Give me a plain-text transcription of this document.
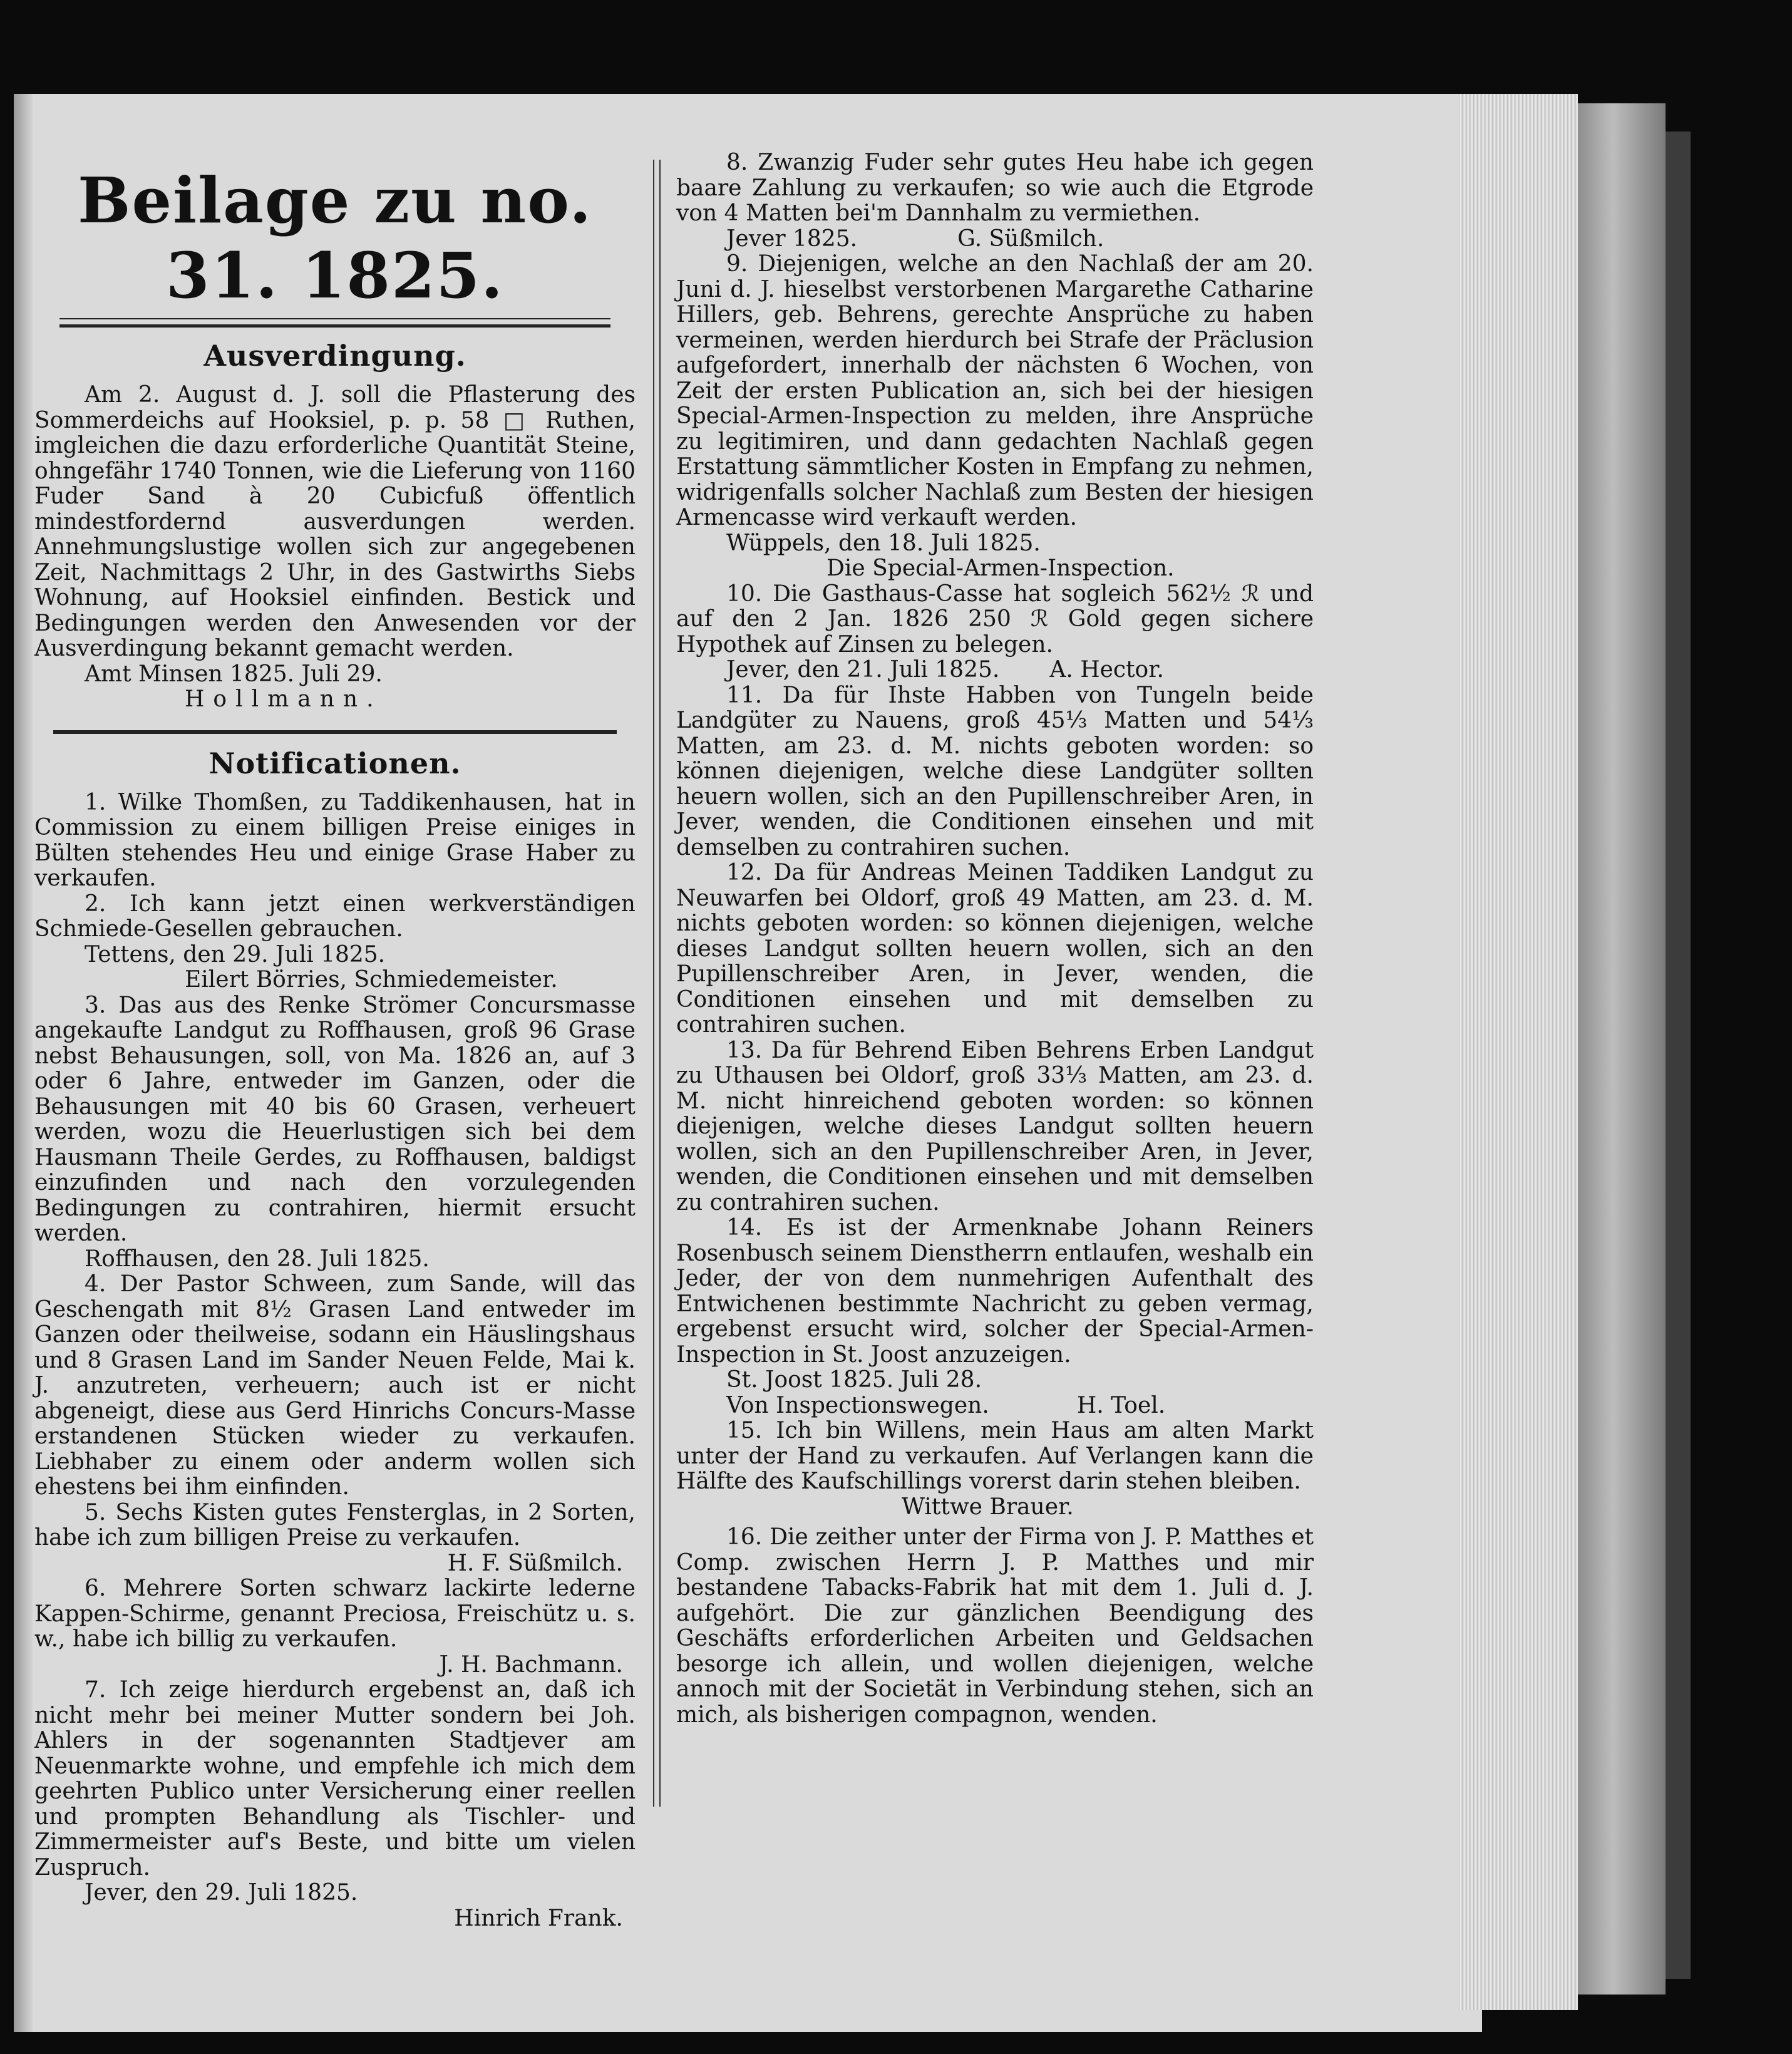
Beilage zu no. 31. 1825.
Ausverdingung.

Am 2. August d. J. soll die Pflasterung des Sommerdeichs auf Hooksiel, p. p. 58 □ Ruthen, imgleichen die dazu erforderliche Quantität Steine, ohngefähr 1740 Tonnen, wie die Lieferung von 1160 Fuder Sand à 20 Cubicfuß öffentlich mindestfordernd ausverdungen werden. Annehmungslustige wollen sich zur angegebenen Zeit, Nachmittags 2 Uhr, in des Gastwirths Siebs Wohnung, auf Hooksiel einfinden. Bestick und Bedingungen werden den Anwesenden vor der Ausverdingung bekannt gemacht werden.

Amt Minsen 1825. Juli 29.

Hollmann.

Notificationen.

1. Wilke Thomßen, zu Taddikenhausen, hat in Commission zu einem billigen Preise einiges in Bülten stehendes Heu und einige Grase Haber zu verkaufen.

2. Ich kann jetzt einen werkverständigen Schmiede-Gesellen gebrauchen.

Tettens, den 29. Juli 1825.

Eilert Börries, Schmiedemeister.

3. Das aus des Renke Strömer Concursmasse angekaufte Landgut zu Roffhausen, groß 96 Grase nebst Behausungen, soll, von Ma. 1826 an, auf 3 oder 6 Jahre, entweder im Ganzen, oder die Behausungen mit 40 bis 60 Grasen, verheuert werden, wozu die Heuerlustigen sich bei dem Hausmann Theile Gerdes, zu Roffhausen, baldigst einzufinden und nach den vorzulegenden Bedingungen zu contrahiren, hiermit ersucht werden.

Roffhausen, den 28. Juli 1825.

4. Der Pastor Schween, zum Sande, will das Geschengath mit 8½ Grasen Land entweder im Ganzen oder theilweise, sodann ein Häuslingshaus und 8 Grasen Land im Sander Neuen Felde, Mai k. J. anzutreten, verheuern; auch ist er nicht abgeneigt, diese aus Gerd Hinrichs Concurs-Masse erstandenen Stücken wieder zu verkaufen. Liebhaber zu einem oder anderm wollen sich ehestens bei ihm einfinden.

5. Sechs Kisten gutes Fensterglas, in 2 Sorten, habe ich zum billigen Preise zu verkaufen.

H. F. Süßmilch.

6. Mehrere Sorten schwarz lackirte lederne Kappen-Schirme, genannt Preciosa, Freischütz u. s. w., habe ich billig zu verkaufen.

J. H. Bachmann.

7. Ich zeige hierdurch ergebenst an, daß ich nicht mehr bei meiner Mutter sondern bei Joh. Ahlers in der sogenannten Stadtjever am Neuenmarkte wohne, und empfehle ich mich dem geehrten Publico unter Versicherung einer reellen und prompten Behandlung als Tischler- und Zimmermeister auf's Beste, und bitte um vielen Zuspruch.

Jever, den 29. Juli 1825.

Hinrich Frank.

8. Zwanzig Fuder sehr gutes Heu habe ich gegen baare Zahlung zu verkaufen; so wie auch die Etgrode von 4 Matten bei'm Dannhalm zu vermiethen.

Jever 1825.	G. Süßmilch.

9. Diejenigen, welche an den Nachlaß der am 20. Juni d. J. hieselbst verstorbenen Margarethe Catharine Hillers, geb. Behrens, gerechte Ansprüche zu haben vermeinen, werden hierdurch bei Strafe der Präclusion aufgefordert, innerhalb der nächsten 6 Wochen, von Zeit der ersten Publication an, sich bei der hiesigen Special-Armen-Inspection zu melden, ihre Ansprüche zu legitimiren, und dann gedachten Nachlaß gegen Erstattung sämmtlicher Kosten in Empfang zu nehmen, widrigenfalls solcher Nachlaß zum Besten der hiesigen Armencasse wird verkauft werden.

Wüppels, den 18. Juli 1825.

Die Special-Armen-Inspection.

10. Die Gasthaus-Casse hat sogleich 562½ ℛ und auf den 2 Jan. 1826 250 ℛ Gold gegen sichere Hypothek auf Zinsen zu belegen.

Jever, den 21. Juli 1825. A. Hector.

11. Da für Ihste Habben von Tungeln beide Landgüter zu Nauens, groß 45⅓ Matten und 54⅓ Matten, am 23. d. M. nichts geboten worden: so können diejenigen, welche diese Landgüter sollten heuern wollen, sich an den Pupillenschreiber Aren, in Jever, wenden, die Conditionen einsehen und mit demselben zu contrahiren suchen.

12. Da für Andreas Meinen Taddiken Landgut zu Neuwarfen bei Oldorf, groß 49 Matten, am 23. d. M. nichts geboten worden: so können diejenigen, welche dieses Landgut sollten heuern wollen, sich an den Pupillenschreiber Aren, in Jever, wenden, die Conditionen einsehen und mit demselben zu contrahiren suchen.

13. Da für Behrend Eiben Behrens Erben Landgut zu Uthausen bei Oldorf, groß 33⅓ Matten, am 23. d. M. nicht hinreichend geboten worden: so können diejenigen, welche dieses Landgut sollten heuern wollen, sich an den Pupillenschreiber Aren, in Jever, wenden, die Conditionen einsehen und mit demselben zu contrahiren suchen.

14. Es ist der Armenknabe Johann Reiners Rosenbusch seinem Dienstherrn entlaufen, weshalb ein Jeder, der von dem nunmehrigen Aufenthalt des Entwichenen bestimmte Nachricht zu geben vermag, ergebenst ersucht wird, solcher der Special-Armen-Inspection in St. Joost anzuzeigen.

St. Joost 1825. Juli 28.

Von Inspectionswegen.	H. Toel.

15. Ich bin Willens, mein Haus am alten Markt unter der Hand zu verkaufen. Auf Verlangen kann die Hälfte des Kaufschillings vorerst darin stehen bleiben.

Wittwe Brauer.

16. Die zeither unter der Firma von J. P. Matthes et Comp. zwischen Herrn J. P. Matthes und mir bestandene Tabacks-Fabrik hat mit dem 1. Juli d. J. aufgehört. Die zur gänzlichen Beendigung des Geschäfts erforderlichen Arbeiten und Geldsachen besorge ich allein, und wollen diejenigen, welche annoch mit der Societät in Verbindung stehen, sich an mich, als bisherigen compagnon, wenden.
